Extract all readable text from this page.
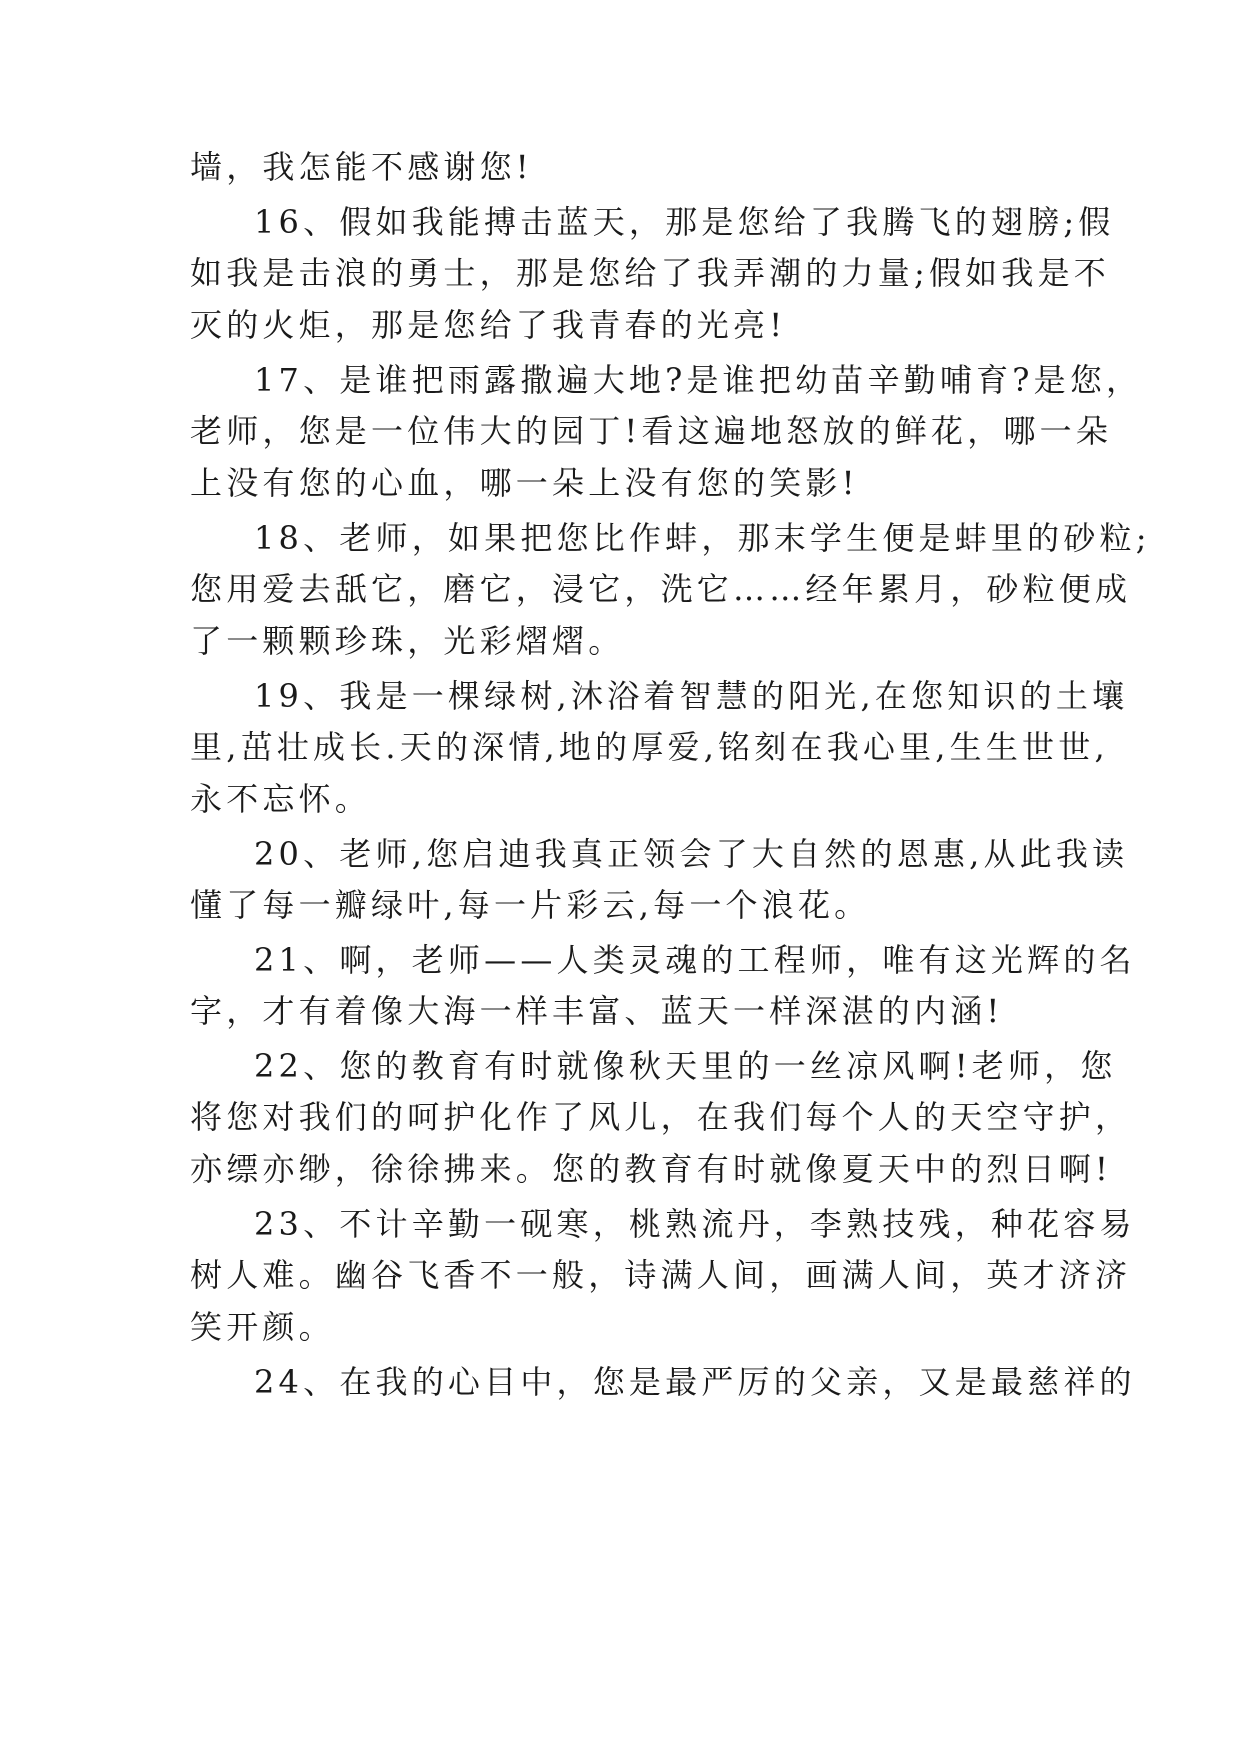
墙，我怎能不感谢您!
16、假如我能搏击蓝天，那是您给了我腾飞的翅膀;假
如我是击浪的勇士，那是您给了我弄潮的力量;假如我是不
灭的火炬，那是您给了我青春的光亮!
17、是谁把雨露撒遍大地?是谁把幼苗辛勤哺育?是您，
老师，您是一位伟大的园丁!看这遍地怒放的鲜花，哪一朵
上没有您的心血，哪一朵上没有您的笑影!
18、老师，如果把您比作蚌，那末学生便是蚌里的砂粒;
您用爱去舐它，磨它，浸它，洗它……经年累月，砂粒便成
了一颗颗珍珠，光彩熠熠。
19、我是一棵绿树,沐浴着智慧的阳光,在您知识的土壤
里,茁壮成长.天的深情,地的厚爱,铭刻在我心里,生生世世,
永不忘怀。
20、老师,您启迪我真正领会了大自然的恩惠,从此我读
懂了每一瓣绿叶,每一片彩云,每一个浪花。
21、啊，老师——人类灵魂的工程师，唯有这光辉的名
字，才有着像大海一样丰富、蓝天一样深湛的内涵!
22、您的教育有时就像秋天里的一丝凉风啊!老师，您
将您对我们的呵护化作了风儿，在我们每个人的天空守护，
亦缥亦缈，徐徐拂来。您的教育有时就像夏天中的烈日啊!
23、不计辛勤一砚寒，桃熟流丹，李熟技残，种花容易
树人难。幽谷飞香不一般，诗满人间，画满人间，英才济济
笑开颜。
24、在我的心目中，您是最严厉的父亲，又是最慈祥的
